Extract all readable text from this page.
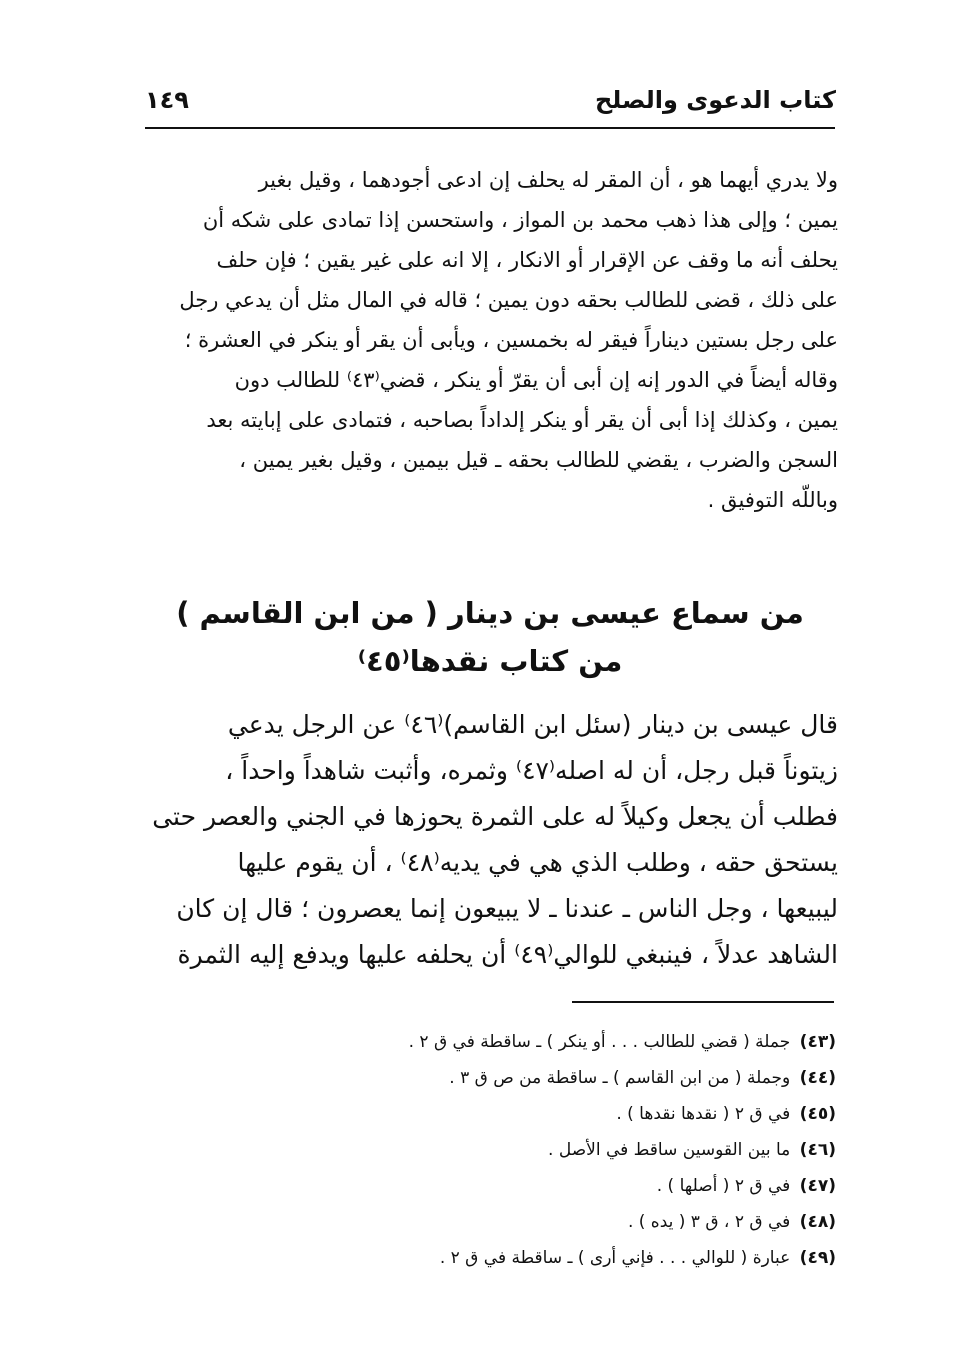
كتاب الدعوى والصلح
١٤٩
ولا يدري أيهما هو ، أن المقر له يحلف إن ادعى أجودهما ، وقيل بغير
يمين ؛ وإلى هذا ذهب محمد بن المواز ، واستحسن إذا تمادى على شكه أن
يحلف أنه ما وقف عن الإقرار أو الانكار ، إلا انه على غير يقين ؛ فإن حلف
على ذلك ، قضى للطالب بحقه دون يمين ؛ قاله في المال مثل أن يدعي رجل
على رجل بستين ديناراً فيقر له بخمسين ، ويأبى أن يقر أو ينكر في العشرة ؛
وقاله أيضاً في الدور إنه إن أبى أن يقرّ أو ينكر ، قضي⁽٤٣⁾ للطالب دون
يمين ، وكذلك إذا أبى أن يقر أو ينكر إلداداً بصاحبه ، فتمادى على إبايته بعد
السجن والضرب ، يقضي للطالب بحقه ـ قيل بيمين ، وقيل بغير يمين ،
وباللّه التوفيق .
من سماع عيسى بن دينار ( من ابن القاسم )
من كتاب نقدها⁽٤٥⁾
قال عيسى بن دينار (سئل ابن القاسم)⁽٤٦⁾ عن الرجل يدعي
زيتوناً قبل رجل، أن له اصله⁽٤٧⁾ وثمره، وأثبت شاهداً واحداً ،
فطلب أن يجعل وكيلاً له على الثمرة يحوزها في الجني والعصر حتى
يستحق حقه ، وطلب الذي هي في يديه⁽٤٨⁾ ، أن يقوم عليها
ليبيعها ، وجل الناس ـ عندنا ـ لا يبيعون إنما يعصرون ؛ قال إن كان
الشاهد عدلاً ، فينبغي للوالي⁽٤٩⁾ أن يحلفه عليها ويدفع إليه الثمرة
(٤٣) جملة ( قضي للطالب . . . أو ينكر ) ـ ساقطة في ق ٢ .
(٤٤) وجملة ( من ابن القاسم ) ـ ساقطة من ص ق ٣ .
(٤٥) في ق ٢ ( نقدها نقدها ) .
(٤٦) ما بين القوسين ساقط في الأصل .
(٤٧) في ق ٢ ( أصلها ) .
(٤٨) في ق ٢ ، ق ٣ ( يده ) .
(٤٩) عبارة ( للوالي . . . فإني أرى ) ـ ساقطة في ق ٢ .
